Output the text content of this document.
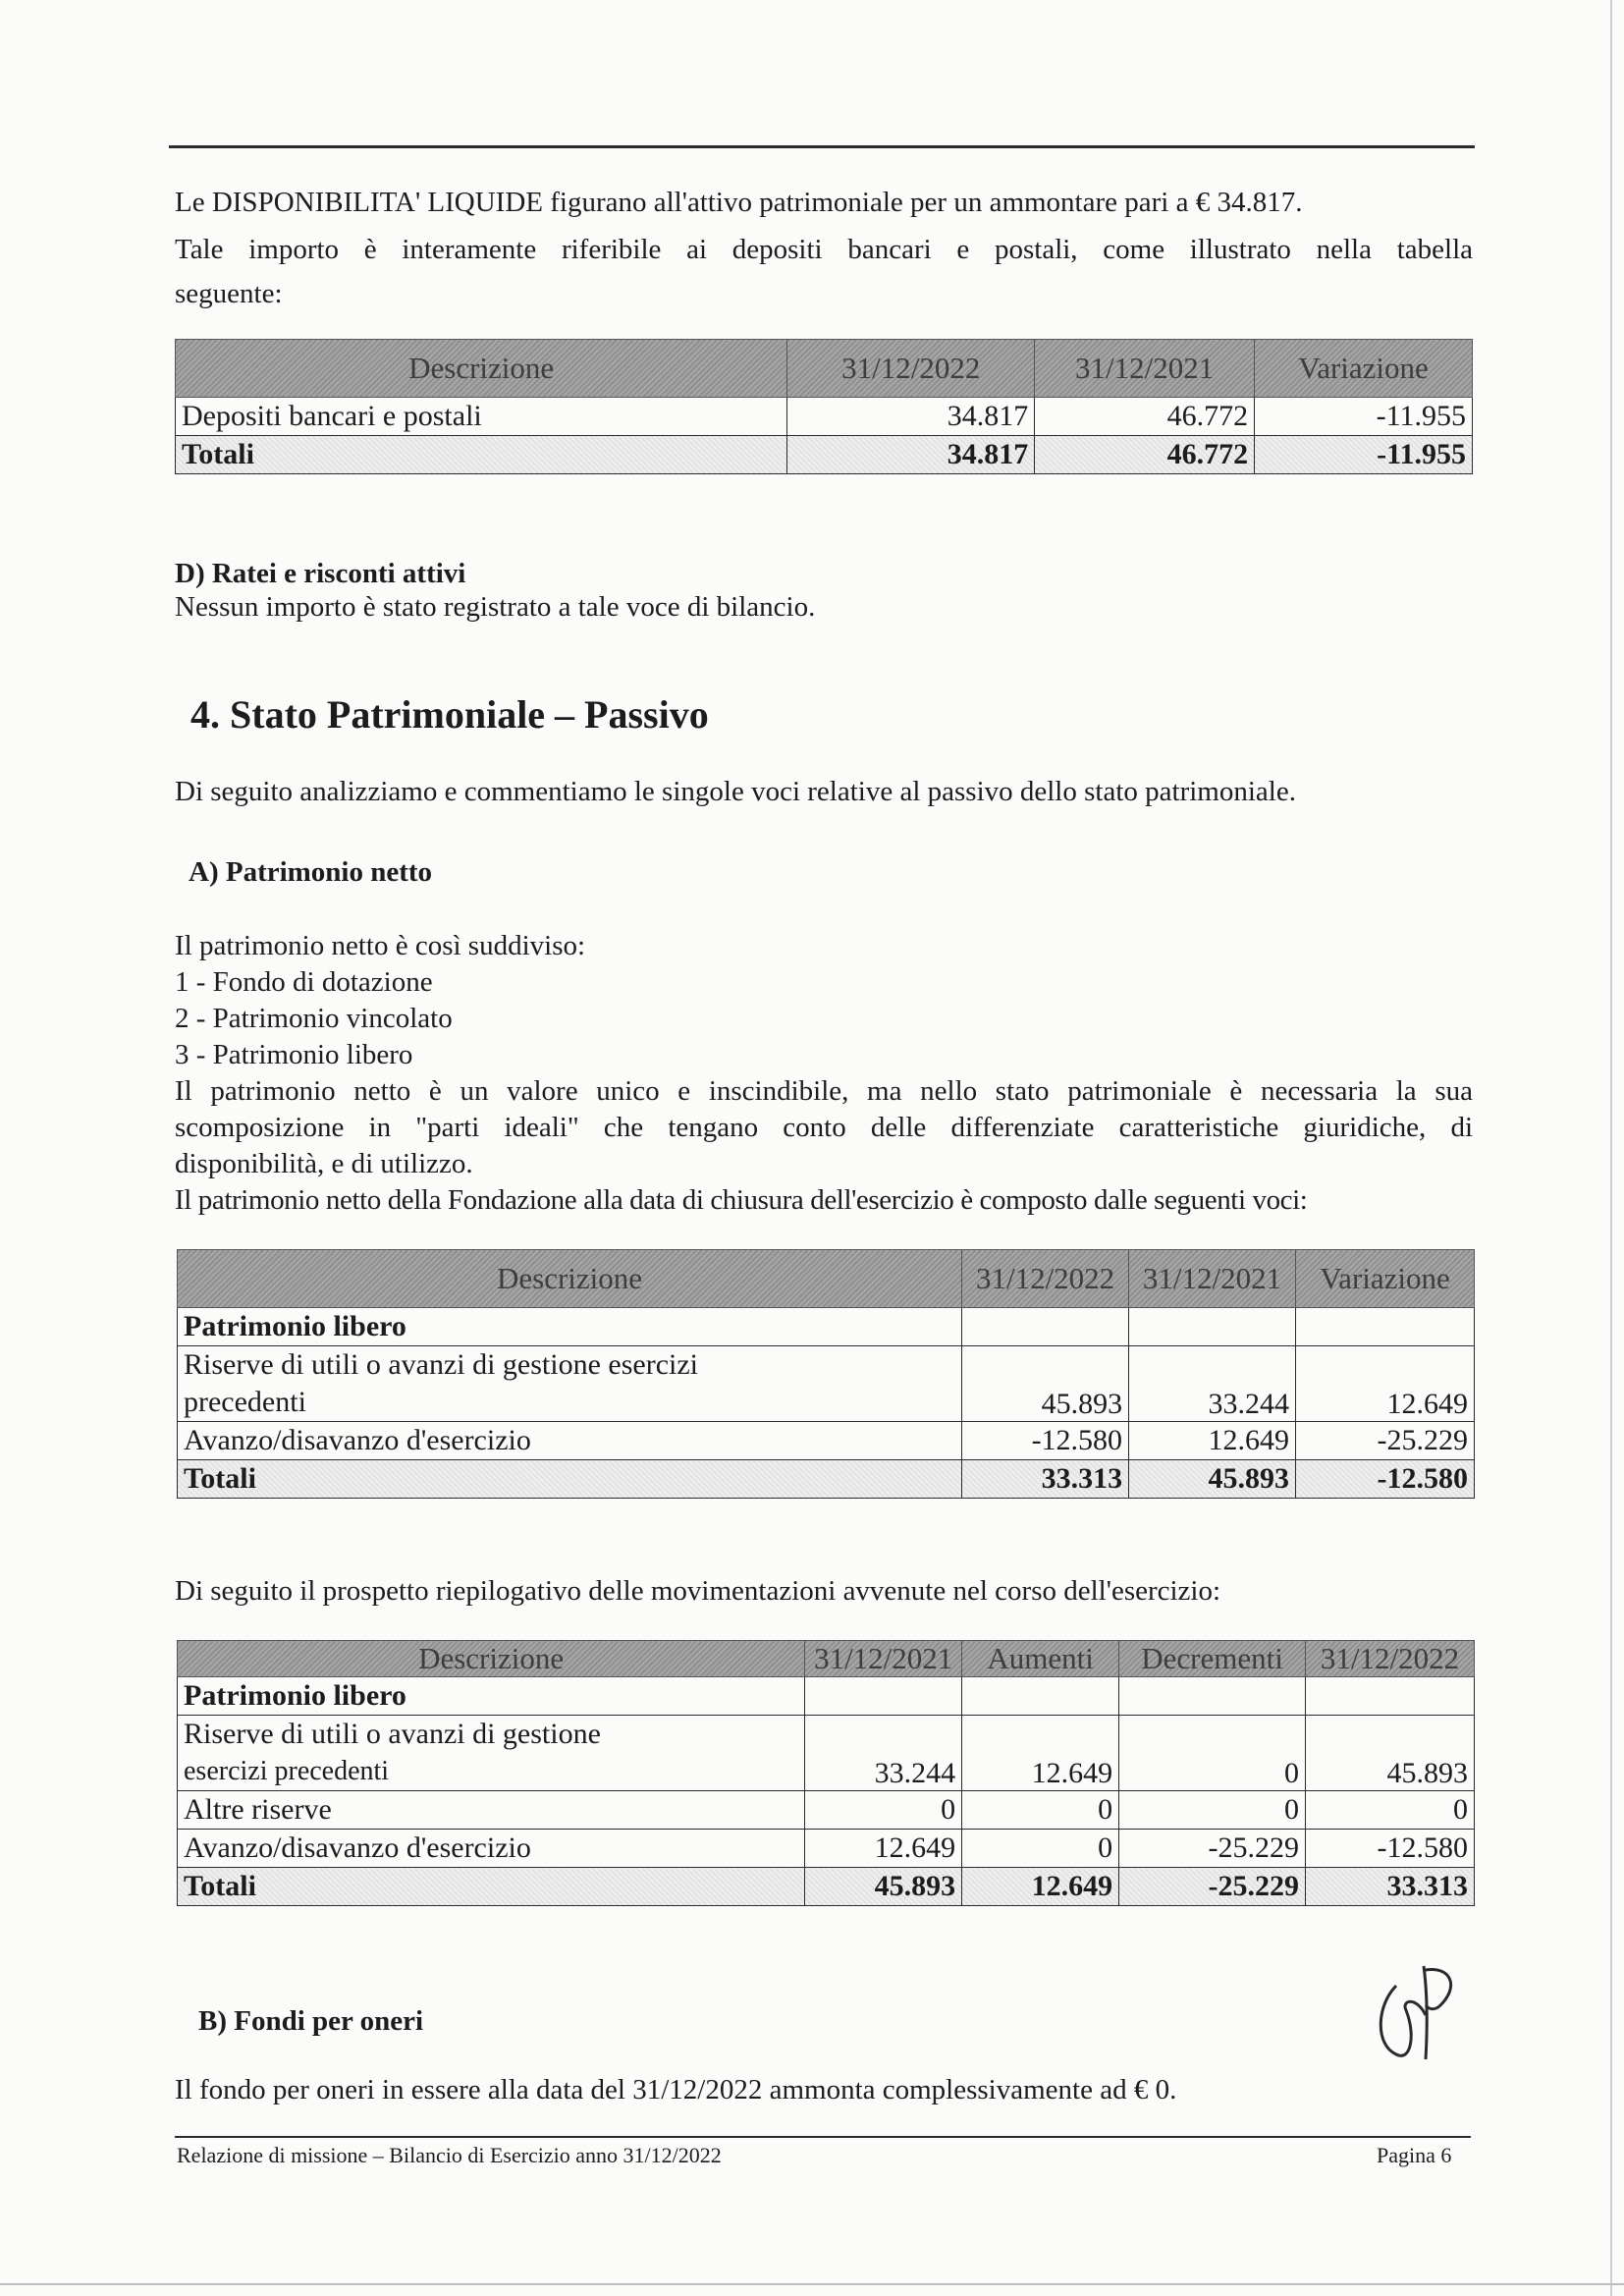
Le DISPONIBILITA' LIQUIDE figurano all'attivo patrimoniale per un ammontare pari a € 34.817.
Tale importo è interamente riferibile ai depositi bancari e postali, come illustrato nella tabella
seguente:
Descrizione	31/12/2022	31/12/2021	Variazione
Depositi bancari e postali	34.817	46.772	-11.955
Totali	34.817	46.772	-11.955
D) Ratei e risconti attivi
Nessun importo è stato registrato a tale voce di bilancio.
4. Stato Patrimoniale – Passivo
Di seguito analizziamo e commentiamo le singole voci relative al passivo dello stato patrimoniale.
A) Patrimonio netto
Il patrimonio netto è così suddiviso:
1 - Fondo di dotazione
2 - Patrimonio vincolato
3 - Patrimonio libero
Il patrimonio netto è un valore unico e inscindibile, ma nello stato patrimoniale è necessaria la sua
scomposizione in "parti ideali" che tengano conto delle differenziate caratteristiche giuridiche, di
disponibilità, e di utilizzo.
Il patrimonio netto della Fondazione alla data di chiusura dell'esercizio è composto dalle seguenti voci:
Descrizione	31/12/2022	31/12/2021	Variazione
Patrimonio libero			

Riserve di utili o avanzi di gestione esercizi
precedenti	45.893	33.244	12.649
Avanzo/disavanzo d'esercizio	-12.580	12.649	-25.229
Totali	33.313	45.893	-12.580
Di seguito il prospetto riepilogativo delle movimentazioni avvenute nel corso dell'esercizio:
Descrizione	31/12/2021	Aumenti	Decrementi	31/12/2022
Patrimonio libero				

Riserve di utili o avanzi di gestione
esercizi precedenti	33.244	12.649	0	45.893
Altre riserve	0	0	0	0
Avanzo/disavanzo d'esercizio	12.649	0	-25.229	-12.580
Totali	45.893	12.649	-25.229	33.313
B) Fondi per oneri
Il fondo per oneri in essere alla data del 31/12/2022 ammonta complessivamente ad € 0.
Relazione di missione – Bilancio di Esercizio anno 31/12/2022	Pagina 6
